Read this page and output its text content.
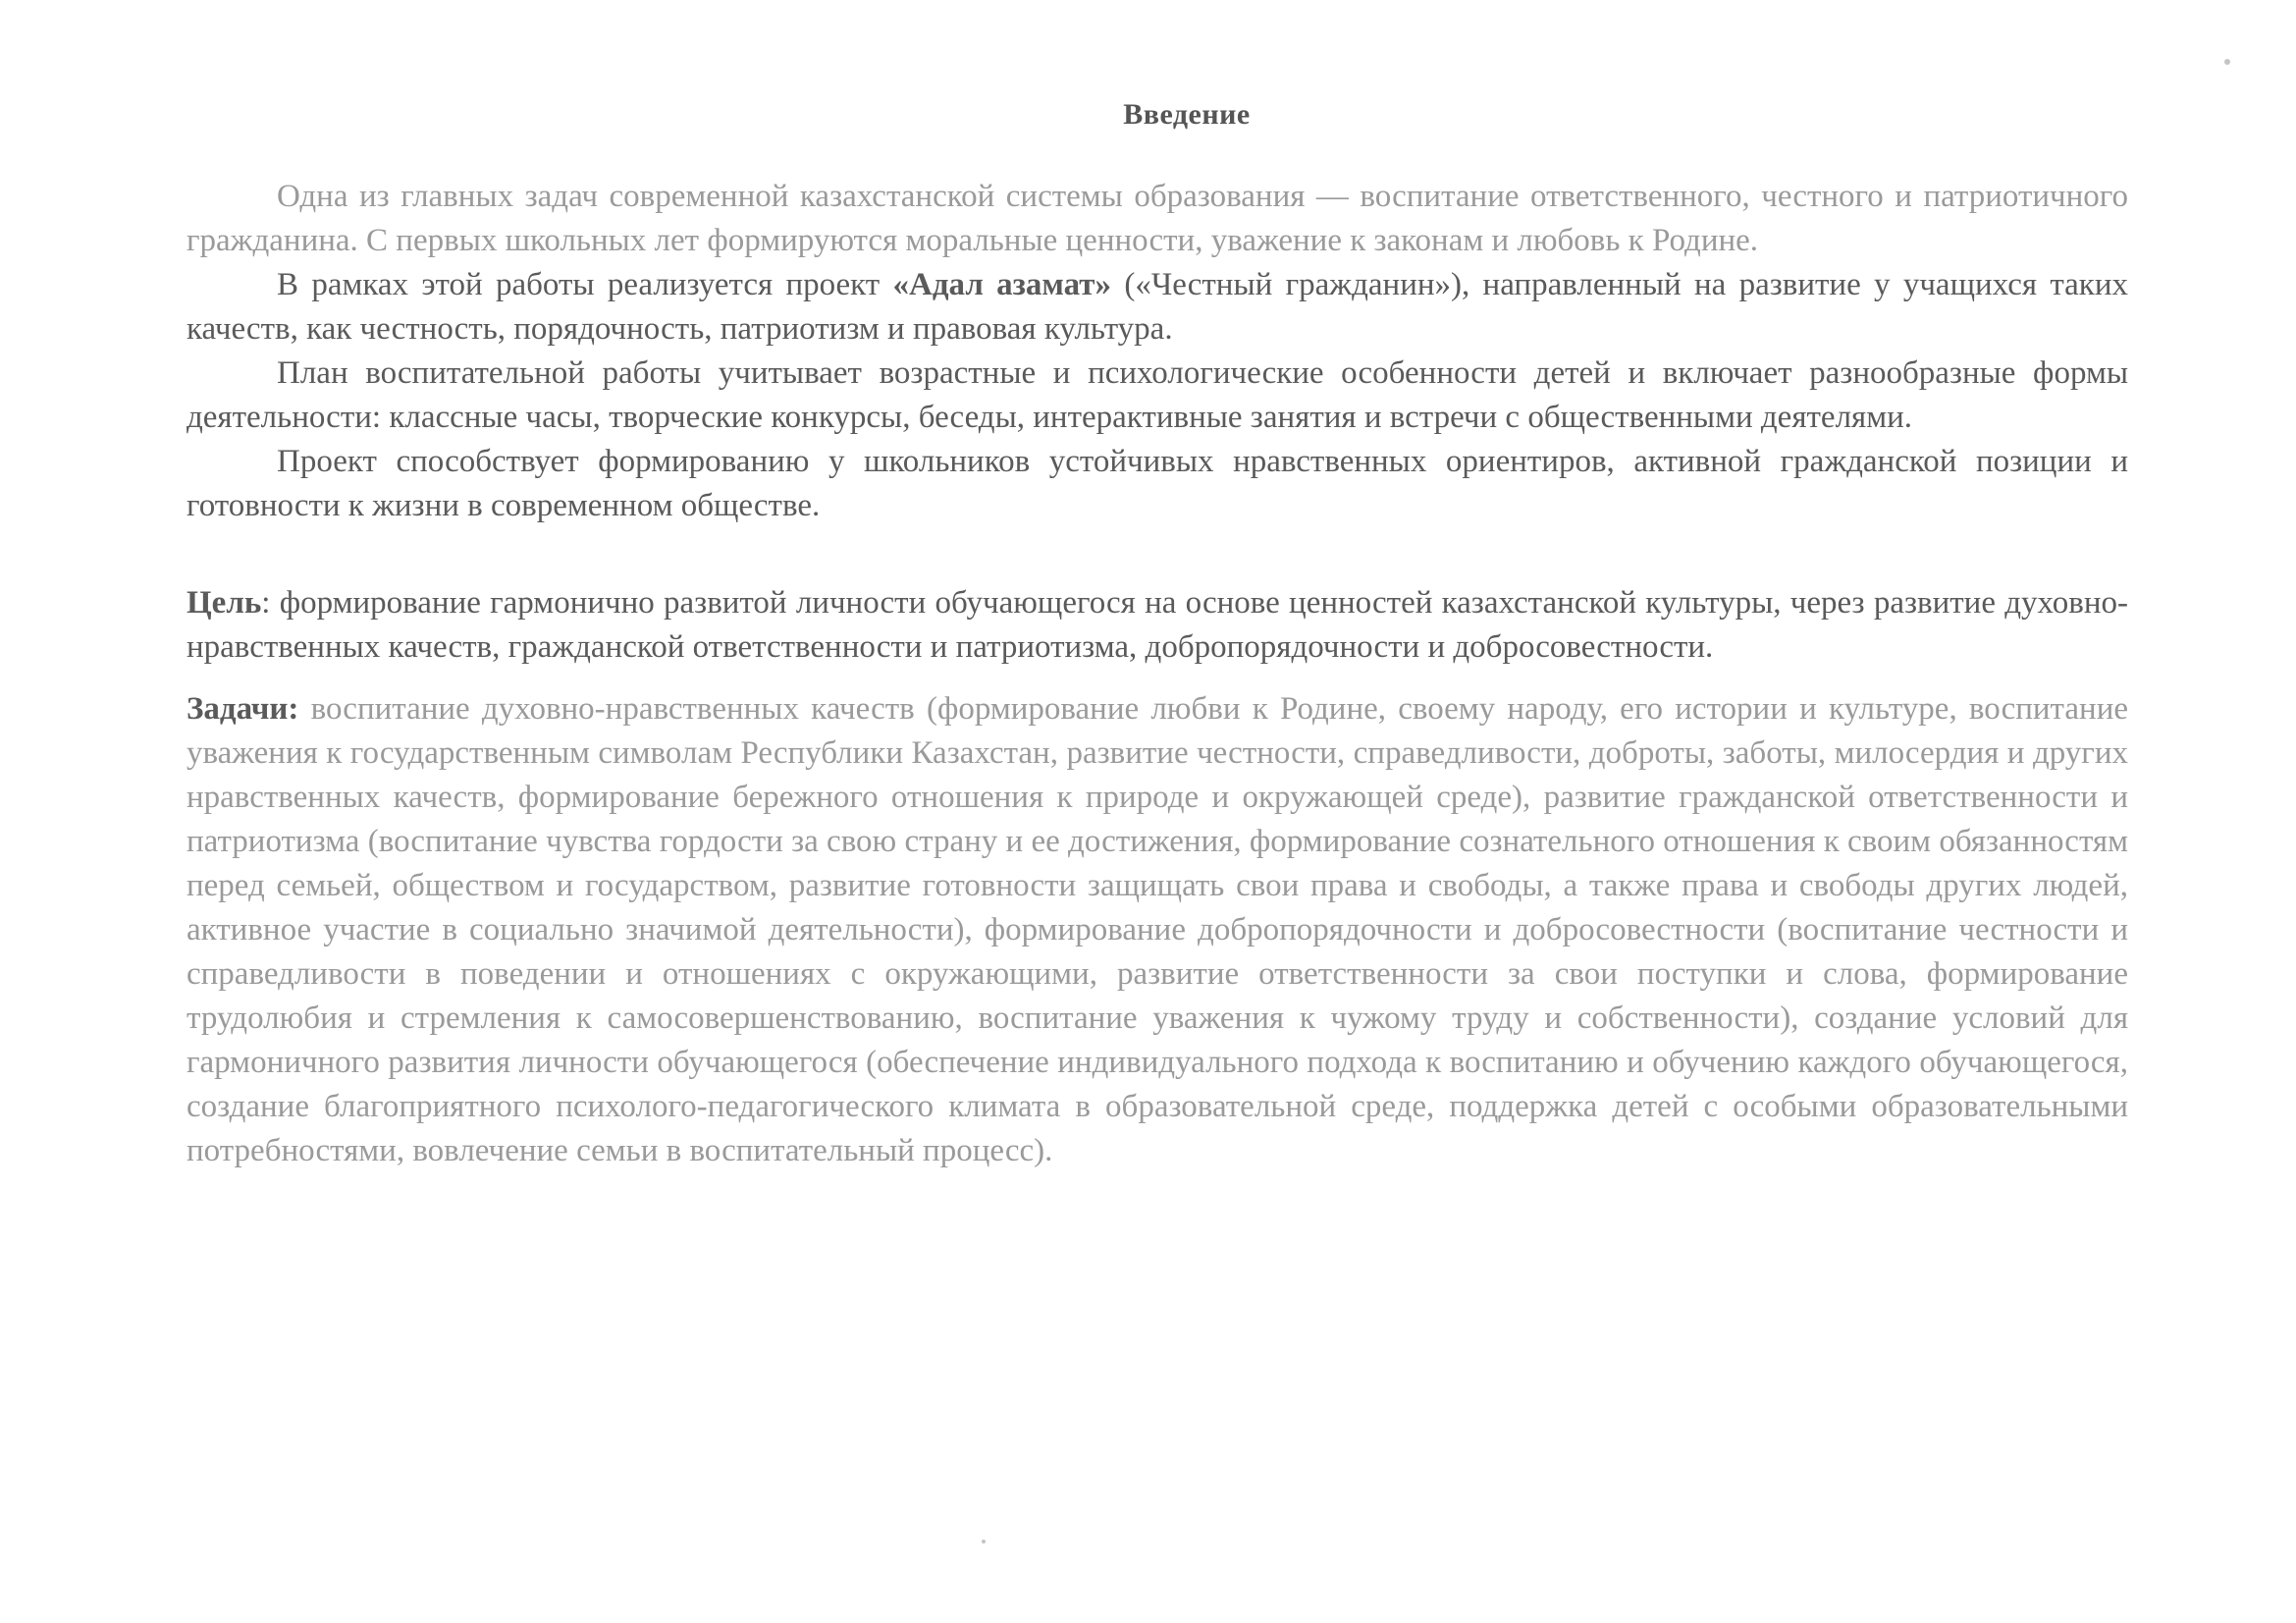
Введение

Одна из главных задач современной казахстанской системы образования — воспитание ответственного, честного и патриотичного гражданина. С первых школьных лет формируются моральные ценности, уважение к законам и любовь к Родине.

В рамках этой работы реализуется проект «Адал азамат» («Честный гражданин»), направленный на развитие у учащихся таких качеств, как честность, порядочность, патриотизм и правовая культура.

План воспитательной работы учитывает возрастные и психологические особенности детей и включает разнообразные формы деятельности: классные часы, творческие конкурсы, беседы, интерактивные занятия и встречи с общественными деятелями.

Проект способствует формированию у школьников устойчивых нравственных ориентиров, активной гражданской позиции и готовности к жизни в современном обществе.

Цель: формирование гармонично развитой личности обучающегося на основе ценностей казахстанской культуры, через развитие духовно-нравственных качеств, гражданской ответственности и патриотизма, добропорядочности и добросовестности.

Задачи: воспитание духовно-нравственных качеств (формирование любви к Родине, своему народу, его истории и культуре, воспитание уважения к государственным символам Республики Казахстан, развитие честности, справедливости, доброты, заботы, милосердия и других нравственных качеств, формирование бережного отношения к природе и окружающей среде), развитие гражданской ответственности и патриотизма (воспитание чувства гордости за свою страну и ее достижения, формирование сознательного отношения к своим обязанностям перед семьей, обществом и государством, развитие готовности защищать свои права и свободы, а также права и свободы других людей, активное участие в социально значимой деятельности), формирование добропорядочности и добросовестности (воспитание честности и справедливости в поведении и отношениях с окружающими, развитие ответственности за свои поступки и слова, формирование трудолюбия и стремления к самосовершенствованию, воспитание уважения к чужому труду и собственности), создание условий для гармоничного развития личности обучающегося (обеспечение индивидуального подхода к воспитанию и обучению каждого обучающегося, создание благоприятного психолого-педагогического климата в образовательной среде, поддержка детей с особыми образовательными потребностями, вовлечение семьи в воспитательный процесс).
